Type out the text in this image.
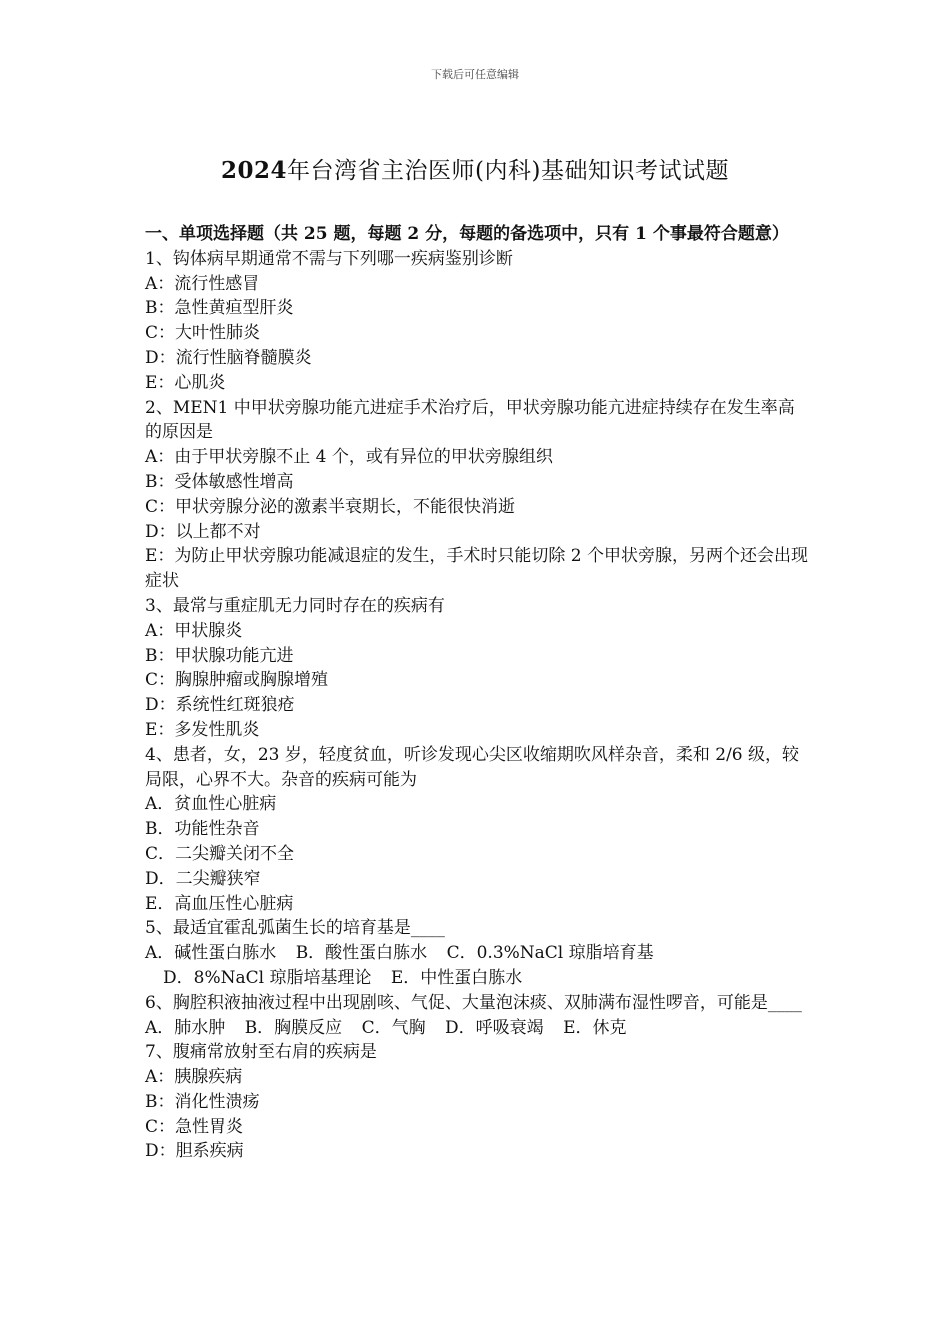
下载后可任意编辑
2024年台湾省主治医师(内科)基础知识考试试题

一、单项选择题（共 25 题，每题 2 分，每题的备选项中，只有 1 个事最符合题意）

1、钩体病早期通常不需与下列哪一疾病鉴别诊断

A：流行性感冒

B：急性黄疸型肝炎

C：大叶性肺炎

D：流行性脑脊髓膜炎

E：心肌炎

2、MEN1 中甲状旁腺功能亢进症手术治疗后，甲状旁腺功能亢进症持续存在发生率高的原因是

A：由于甲状旁腺不止 4 个，或有异位的甲状旁腺组织

B：受体敏感性增高

C：甲状旁腺分泌的激素半衰期长，不能很快消逝

D：以上都不对

E：为防止甲状旁腺功能减退症的发生，手术时只能切除 2 个甲状旁腺，另两个还会出现症状

3、最常与重症肌无力同时存在的疾病有

A：甲状腺炎

B：甲状腺功能亢进

C：胸腺肿瘤或胸腺增殖

D：系统性红斑狼疮

E：多发性肌炎

4、患者，女，23 岁，轻度贫血，听诊发现心尖区收缩期吹风样杂音，柔和 2/6 级，较局限，心界不大。杂音的疾病可能为

A．贫血性心脏病

B．功能性杂音

C．二尖瓣关闭不全

D．二尖瓣狭窄

E．高血压性心脏病

5、最适宜霍乱弧菌生长的培育基是____

A．碱性蛋白胨水 B．酸性蛋白胨水 C．0.3%NaCl 琼脂培育基

D．8%NaCl 琼脂培基理论 E．中性蛋白胨水

6、胸腔积液抽液过程中出现剧咳、气促、大量泡沫痰、双肺满布湿性啰音，可能是____

A．肺水肿 B．胸膜反应 C．气胸 D．呼吸衰竭 E．休克

7、腹痛常放射至右肩的疾病是

A：胰腺疾病

B：消化性溃疡

C：急性胃炎

D：胆系疾病
